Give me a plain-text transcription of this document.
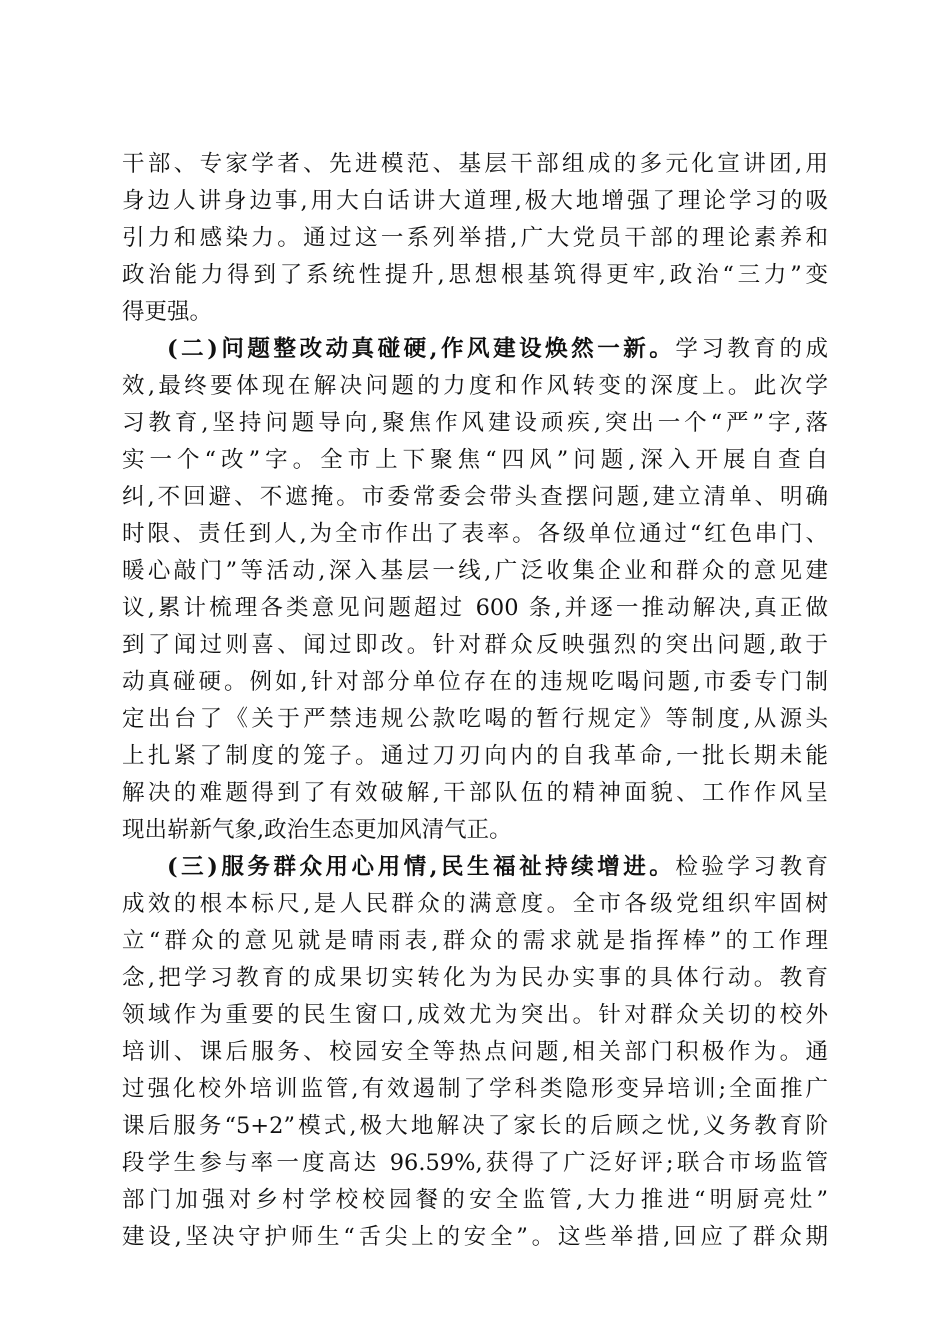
干部、专家学者、先进模范、基层干部组成的多元化宣讲团,用
身边人讲身边事,用大白话讲大道理,极大地增强了理论学习的吸
引力和感染力。通过这一系列举措,广大党员干部的理论素养和
政治能力得到了系统性提升,思想根基筑得更牢,政治“三力”变
得更强。
(二)问题整改动真碰硬,作风建设焕然一新。学习教育的成
效,最终要体现在解决问题的力度和作风转变的深度上。此次学
习教育,坚持问题导向,聚焦作风建设顽疾,突出一个“严”字,落
实一个“改”字。全市上下聚焦“四风”问题,深入开展自查自
纠,不回避、不遮掩。市委常委会带头查摆问题,建立清单、明确
时限、责任到人,为全市作出了表率。各级单位通过“红色串门、
暖心敲门”等活动,深入基层一线,广泛收集企业和群众的意见建
议,累计梳理各类意见问题超过 600 条,并逐一推动解决,真正做
到了闻过则喜、闻过即改。针对群众反映强烈的突出问题,敢于
动真碰硬。例如,针对部分单位存在的违规吃喝问题,市委专门制
定出台了《关于严禁违规公款吃喝的暂行规定》等制度,从源头
上扎紧了制度的笼子。通过刀刃向内的自我革命,一批长期未能
解决的难题得到了有效破解,干部队伍的精神面貌、工作作风呈
现出崭新气象,政治生态更加风清气正。
(三)服务群众用心用情,民生福祉持续增进。检验学习教育
成效的根本标尺,是人民群众的满意度。全市各级党组织牢固树
立“群众的意见就是晴雨表,群众的需求就是指挥棒”的工作理
念,把学习教育的成果切实转化为为民办实事的具体行动。教育
领域作为重要的民生窗口,成效尤为突出。针对群众关切的校外
培训、课后服务、校园安全等热点问题,相关部门积极作为。通
过强化校外培训监管,有效遏制了学科类隐形变异培训;全面推广
课后服务“5+2”模式,极大地解决了家长的后顾之忧,义务教育阶
段学生参与率一度高达 96.59%,获得了广泛好评;联合市场监管
部门加强对乡村学校校园餐的安全监管,大力推进“明厨亮灶”
建设,坚决守护师生“舌尖上的安全”。这些举措,回应了群众期
